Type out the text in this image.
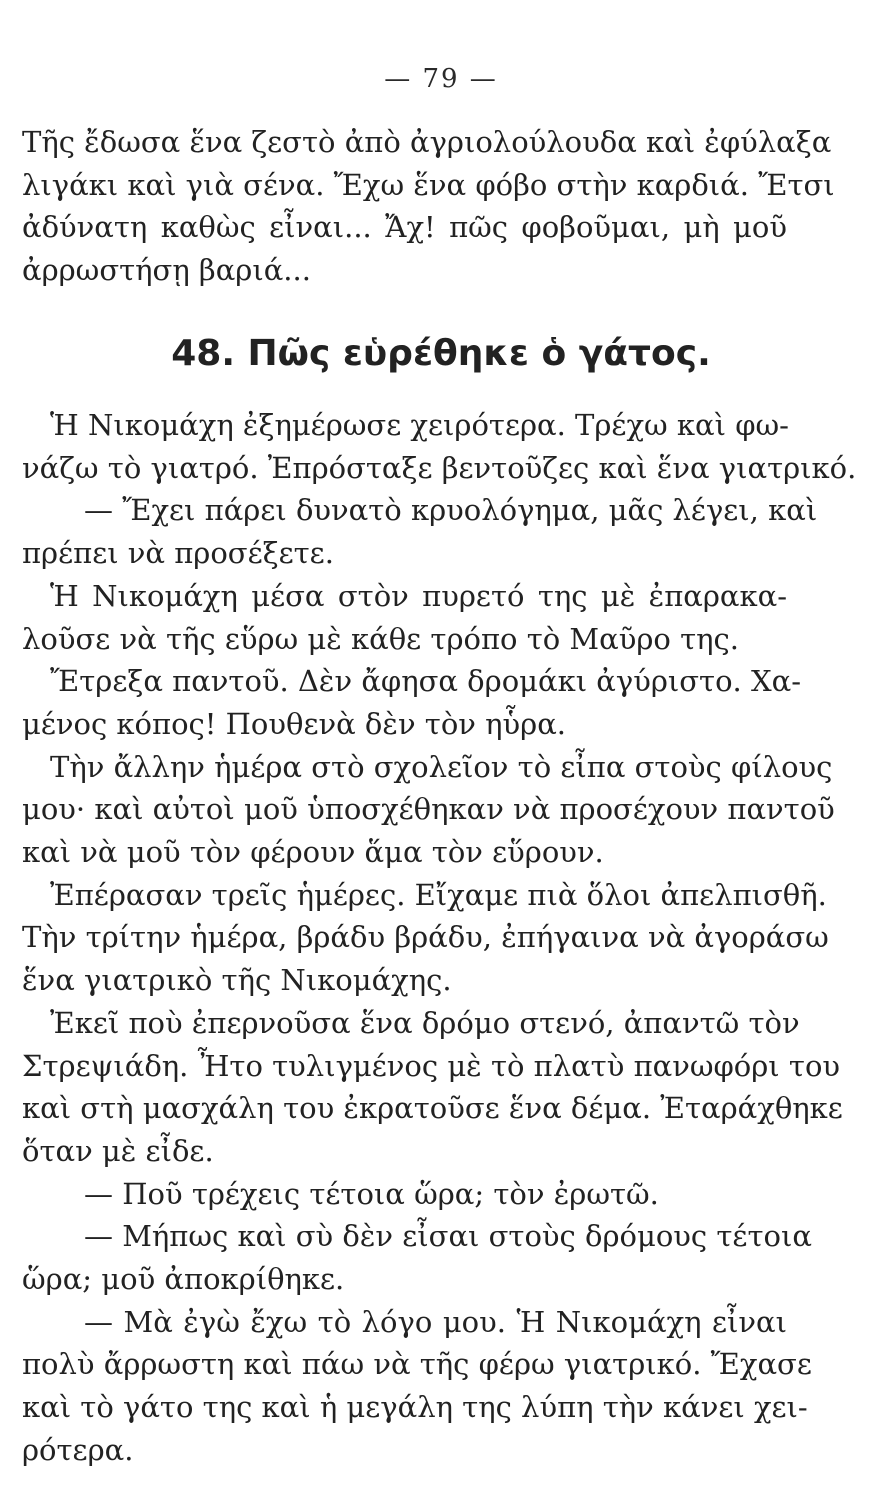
— 79 —
Τῆς ἔδωσα ἕνα ζεστὸ ἀπὸ ἀγριολούλουδα καὶ ἐφύλαξα
λιγάκι καὶ γιὰ σένα. Ἔχω ἕνα φόβο στὴν καρδιά. Ἔτσι
ἀδύνατη καθὼς εἶναι... Ἄχ! πῶς φοβοῦμαι, μὴ μοῦ
ἀρρωστήσῃ βαριά...
48. Πῶς εὑρέθηκε ὁ γάτος.
Ἡ Νικομάχη ἐξημέρωσε χειρότερα. Τρέχω καὶ φω-
νάζω τὸ γιατρό. Ἐπρόσταξε βεντοῦζες καὶ ἕνα γιατρικό.
— Ἔχει πάρει δυνατὸ κρυολόγημα, μᾶς λέγει, καὶ
πρέπει νὰ προσέξετε.
Ἡ Νικομάχη μέσα στὸν πυρετό της μὲ ἐπαρακα-
λοῦσε νὰ τῆς εὕρω μὲ κάθε τρόπο τὸ Μαῦρο της.
Ἔτρεξα παντοῦ. Δὲν ἄφησα δρομάκι ἀγύριστο. Χα-
μένος κόπος! Πουθενὰ δὲν τὸν ηὗρα.
Τὴν ἄλλην ἡμέρα στὸ σχολεῖον τὸ εἶπα στοὺς φίλους
μου· καὶ αὐτοὶ μοῦ ὑποσχέθηκαν νὰ προσέχουν παντοῦ
καὶ νὰ μοῦ τὸν φέρουν ἅμα τὸν εὕρουν.
Ἐπέρασαν τρεῖς ἡμέρες. Εἴχαμε πιὰ ὅλοι ἀπελπισθῆ.
Τὴν τρίτην ἡμέρα, βράδυ βράδυ, ἐπήγαινα νὰ ἀγοράσω
ἕνα γιατρικὸ τῆς Νικομάχης.
Ἐκεῖ ποὺ ἐπερνοῦσα ἕνα δρόμο στενό, ἀπαντῶ τὸν
Στρεψιάδη. Ἦτο τυλιγμένος μὲ τὸ πλατὺ πανωφόρι του
καὶ στὴ μασχάλη του ἐκρατοῦσε ἕνα δέμα. Ἐταράχθηκε
ὅταν μὲ εἶδε.
— Ποῦ τρέχεις τέτοια ὥρα; τὸν ἐρωτῶ.
— Μήπως καὶ σὺ δὲν εἶσαι στοὺς δρόμους τέτοια
ὥρα; μοῦ ἀποκρίθηκε.
— Μὰ ἐγὼ ἔχω τὸ λόγο μου. Ἡ Νικομάχη εἶναι
πολὺ ἄρρωστη καὶ πάω νὰ τῆς φέρω γιατρικό. Ἔχασε
καὶ τὸ γάτο της καὶ ἡ μεγάλη της λύπη τὴν κάνει χει-
ρότερα.
